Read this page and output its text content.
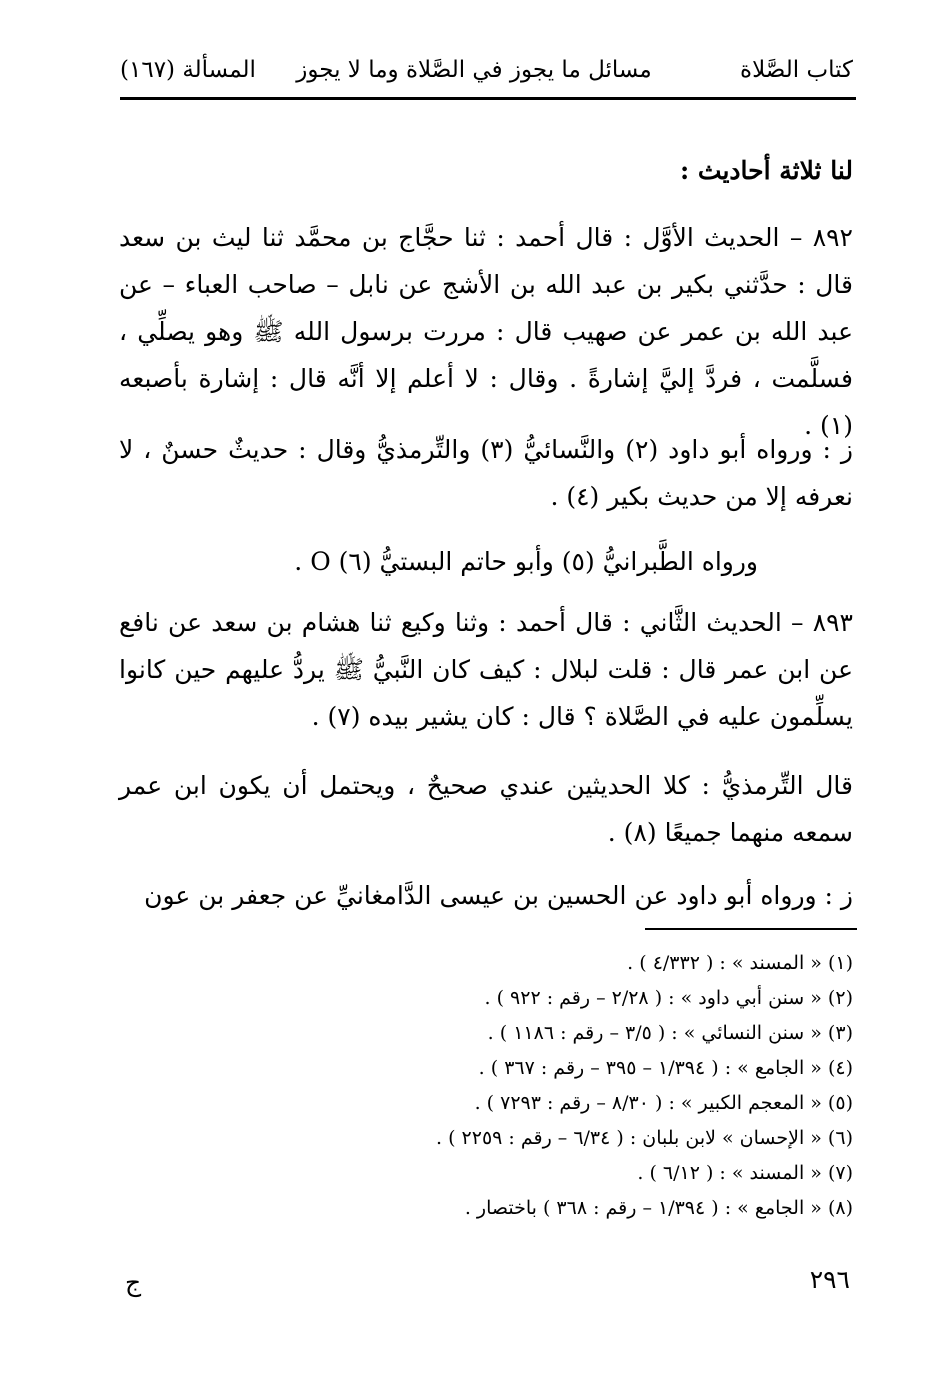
كتاب الصَّلاة
مسائل ما يجوز في الصَّلاة وما لا يجوز
المسألة (١٦٧)
لنا ثلاثة أحاديث :
٨٩٢ – الحديث الأوَّل : قال أحمد : ثنا حجَّاج بن محمَّد ثنا ليث بن سعد قال : حدَّثني بكير بن عبد الله بن الأشج عن نابل – صاحب العباء – عن عبد الله بن عمر عن صهيب قال : مررت برسول الله ﷺ وهو يصلِّي ، فسلَّمت ، فردَّ إليَّ إشارةً . وقال : لا أعلم إلا أنَّه قال : إشارة بأصبعه (١) .
ز : ورواه أبو داود (٢) والنَّسائيُّ (٣) والتِّرمذيُّ وقال : حديثٌ حسنٌ ، لا نعرفه إلا من حديث بكير (٤) .
ورواه الطَّبرانيُّ (٥) وأبو حاتم البستيُّ (٦) O .
٨٩٣ – الحديث الثَّاني : قال أحمد : وثنا وكيع ثنا هشام بن سعد عن نافع عن ابن عمر قال : قلت لبلال : كيف كان النَّبيُّ ﷺ يردُّ عليهم حين كانوا يسلِّمون عليه في الصَّلاة ؟ قال : كان يشير بيده (٧) .
قال التِّرمذيُّ : كلا الحديثين عندي صحيحٌ ، ويحتمل أن يكون ابن عمر سمعه منهما جميعًا (٨) .
ز : ورواه أبو داود عن الحسين بن عيسى الدَّامغانيِّ عن جعفر بن عون
(١) « المسند » : ( ٤/٣٣٢ ) .
(٢) « سنن أبي داود » : ( ٢/٢٨ – رقم : ٩٢٢ ) .
(٣) « سنن النسائي » : ( ٣/٥ – رقم : ١١٨٦ ) .
(٤) « الجامع » : ( ١/٣٩٤ – ٣٩٥ – رقم : ٣٦٧ ) .
(٥) « المعجم الكبير » : ( ٨/٣٠ – رقم : ٧٢٩٣ ) .
(٦) « الإحسان » لابن بلبان : ( ٦/٣٤ – رقم : ٢٢٥٩ ) .
(٧) « المسند » : ( ٦/١٢ ) .
(٨) « الجامع » : ( ١/٣٩٤ – رقم : ٣٦٨ ) باختصار .
٢٩٦
ج
